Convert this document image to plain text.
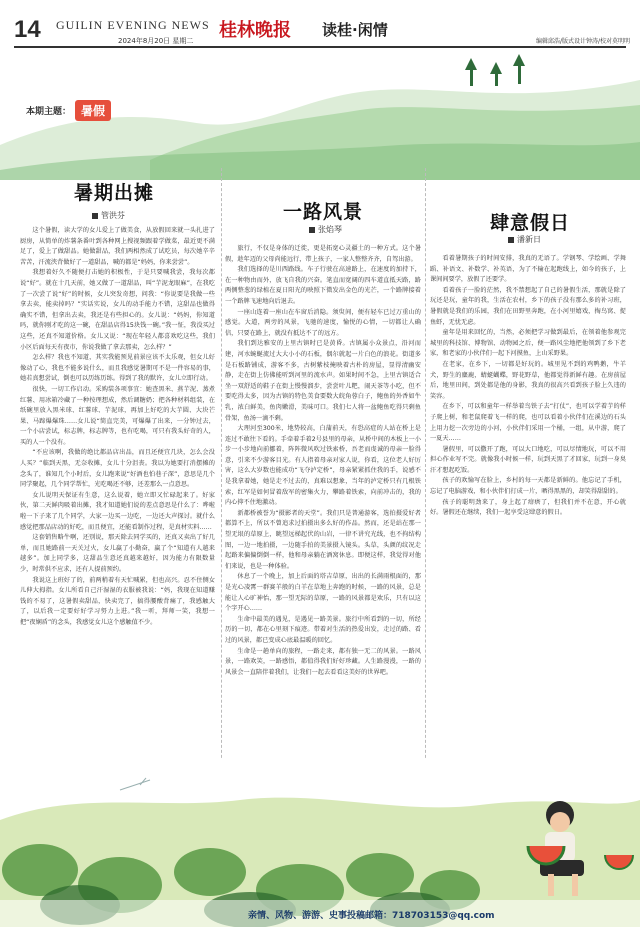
14 GUILIN EVENING NEWS
2024年8月20日 星期二 桂林晚报 读桂·闲情
编辑邱浩/版式设计钟涛/校对莫明明
本期主题： 暑假
暑期出摊
管洪芬

这个暑假，读大学的女儿爱上了做美食，从放假回来就一头扎进了厨房，从简单的炸薯条番叶到各种网上搜视频跟着学做菜，最近更不满足了，爱上了做甜品。她做甜品，我们两相然成了试吃员，每次她辛辛苦苦，汗流浃背做好了一道甜品，喊的都是“妈妈，你来尝尝”。

我想着好久不随便打击她的积极性，于是只要喊我尝，我每次都说“好”。就在十几天前，她又做了一道甜品，叫“芋泥龙眼麻”，在我吃了一次尝了说“好”的时候，女儿突发奇想，问我：“你说要是我做一些拿去卖，能卖掉吗？”实话实说，女儿的动手能力不错，这甜品也做得确实不错，但拿出去卖，我还是有些担心的。女儿说：“妈妈，你知道吗，就你刚才吃的这一碗，在甜品店得15块钱一碗。”我一怔，我没买过这些，还真不知道价格。女儿又说：“现在年轻人都喜欢吃这些，我们小区后面每天有夜市，你说我做了拿去那卖，怎么样？”

怎么样？我也不知道，其实我能预见前景应该不太乐观，但女儿好像动了心，我也不能多说什么，而且我感觉暑期可不是一件容易的事，她若真想尝试，倒也可以历练历练。得到了我的默许，女儿立即行动。

很快，一切工作启动。采购装各项事宜：她查黑米、燕芋泥、蒸煮红薯、用冰箱冷藏了一种按理想成，然后调糖奶；把各种材料组装，在纸碗里放入黑米球、红薯球、芋泥球，再加上好吃的大芋圆、大块芒果、马蹄爆爆珠……女儿说“简直完美，可爆爆了出来，一分钟过去，一个小店尝试，标志牌，标志牌等，也有吃喝，可只有我头好奇的人，买的人一个没有。

“不应该啊，我做的绝比都品店出品，而且还便宜几块，怎么会没人买？”临到天黑，无奈收摊，女儿十分沮丧。我以为她要打消摆摊的念头了，谁知几个小时后，女儿跑来说“好酒也怕巷子深”，意思是几个同学聚起，几个同学帮忙，光吃喝还不够，还差那么一点意思。

女儿说明天保证有生意，这么说着，她立即又忙碌起来了。好家伙，第二天鲜肉吸着出摊，我才知道她们说的差点意思是什么了：哗啦啦一下子来了几个同学，大家一边买一边吃，一边还大声探讨。就什么感觉把那品店动的好吃，而且便宜，还能看制作过程，是真材实料……

这套销售略牛啊，还别说，那天除去同学买的，还真又卖出了好几单，而且她路前一天关过火，女儿赢了小勤奋，赢了个“知道有人越来越多”。加上同学多，这甜品生意还真越来越好，因为能力有限数量少，时常供不应求，还有人提前预约。

我说这上班好了的，前两稍着有天忙喊累，但也高兴。忍不住侧女儿伸大拇指。女儿所看自己汗湿湿的衣服被我说：“妈，我现在知道赚钱的不易了，这暑假卖甜品，快卖完了，搞得腰酸背痛了，我感触大了，以后我一定要好好学习努力上进。”我一听，拜师一笑，我想一把“夜娴盾”的念头，我感觉女儿这个感触值不少。

一路风景
张焰琴

旅行，不仅是身体的迁徙，更是拓宽心灵疆土的一种方式。这个暑假，趁年迈的父母尚能远行，带上孩子，一家人整整齐齐，自驾出游。

我们选择的是川西路线。车子行驶在高速路上，在速度的加持下，在一种物由而外，放飞自我的兴奋。笔直而宽阔的四车道直抵天路，路两侧整葱的绿植在夏日阳光的映照下微发出金色的光芒，一个路牌接着一个路牌飞速地向后退去。

一座山连着一座山在车窗后消隐。须臾间，便有轻车已过万重山的感觉。大道，两旁的风景，飞驰的速度，愉悦的心情，一切都让人确信，只要在路上，就没有抵达不了的远方。

我们到达雅安的上里古镇时已是黄昏。古镇属小众景点，沿河而建，河水蜿蜒流过大大小小的石板，偶尔就起一片白色的浪花。街道多是石板路铺成，游客不多，古树紫枝掩映着古朴的房屋，显得清幽安静，走在街上仿佛能听到河里的流水声。如果时间不急，上里古镇适合坐一双舒适的鞋子在街上慢慢溜步，尝尝叶儿粑，闹天茶等小吃，但不要吃得太多，因为古镇的特色美食要数大皖角蓉白子，鲍鱼的外香如牛乳，浓白鲜美，鱼肉嫩滑，美味可口。我们七人将一盆鲍鱼吃得只剩鱼骨架，鱼汤一滴不剩。

大理河至300米，地势较高，白蒲前天，有恐高症的人站在桥上是连过不敢往下看的。手牵着手着2号县里的母亲，从桥中间的木板上一小步一小步地向前挪着，阵阵微风吹过铁索桥，吾老而虔诚的母亲一脸得意，引来不少游客目光。有人指着母亲对家人说，你看，这位老人好厉害，这么大岁数也能成功“飞夺泸定桥”，母亲紧紧抓住我的手，说感不是我拿着她，她是走不过去的，真难以想象，当年的泸定桥只有几根铁索，红军是如何冒着敌军的密集火力，攀路着铁索，向前冲击的，我的内心抑不住地激动。

新都桥被誉为“摄影者的天堂”。我们只是普通游客，选拍摄爱好者都算不上，所以不曾追求过拍摄出多么好的作品。然而，还是站在那一望无垠的草原上，眺望远梯起伏的山岩，一律不讲究光线，也不拘结构图，一边一地拍摄，一边随手拍的美景摄入镜头。头草，头颜的纹况走起路来偏偏倒倒一样，他和母亲躺在酒窝休息。即便这样，我觉得对他们来说，也是一种体验。

休息了一个晚上，加上后面的塔吉草原，出出的长满雨根面的，那是光心凌霄一群赛羊般的白羊在草地上奔跑的时候，一路的风景，总是能让人心旷神怡，那一望无际的草原，一路的风景都是欢乐，只有以这个字开心……

生命中最美的遇见，是遇见一路美景。旅行中所看到的一切，所经历的一切，都在心里刻下痕迹。带着对生活的热爱出发，走过的路、看过的风景，都已变成心底最温暖的回忆。

生命是一趟单向的旅程，一路走来，都有独一无二的风景。一路风景，一路欢笑，一路感悟，都值得我们好好珍藏。人生路漫漫，一路的风景会一直陪伴着我们，让我们一起去看看这美好的世界吧。

肆意假日
潘新日

看着暑期孩子的时间安排，我真的无语了。学钢琴、学绘画、学舞蹈、补语文、补数学、补英语，为了不输在起跑线上，如今的孩子，上课间间要学，放假了还要学。

看着孩子一脸的茫然，我不禁想起了自己的暑假生活，那就是除了玩还是玩，童年的我，生活在农村，乡下的孩子没有那么多的补习班，暑假就是我们的乐园，我们在田野里奔跑，在小河里嬉戏，掏鸟窝、捉鱼虾，无忧无虑。

童年是用来回忆的，当然，必须把学习做到最后，在领着他参观完城里的科技馆、博物馆、动物园之后，便一路风尘地把他领到了乡下老家，和老家的小伙伴们一起下河摸鱼，上山采野果。

在老家，在乡下，一切都是好玩的。城里见不到的鸡鸭鹅，牛羊犬，野生的麋鹿，蜻蜓蝴蝶，野花野草，他都觉得新鲜有趣。在房前屋后，地里田间，到处都是他的身影，我真的很高兴看到孩子脸上久违的笑容。

在乡下，可以和童年一样举着鸟铁子去“打仗”，也可以学着芋的样子爬上树，和老鼠爬着飞一样的爬，也可以看着小伙伴们在溪边的石头上用力挖一次旁边的小河，小伙伴们采用一个桶，一组，从中游，爬了一夏天……

暑假里，可以撒开了跑，可以大口地吃，可以尽情地玩，可以不用担心作业写不完。就像我小时候一样，玩到天黑了才回家，玩到一身臭汗才想起吃饭。

孩子的欢愉写在脸上，乡村的每一天都是新鲜的。他忘记了手机，忘记了电脑游戏，和小伙伴们打成一片，晒得黑黑的，却笑得甜甜的。

孩子的聪明劲来了，身上起了痱瘩了，但我们并不在意，开心就好。暑假还在继续，我们一起享受这肆意的假日。

亲情、风物、游游、史事投稿邮箱：718703153@qq.com
